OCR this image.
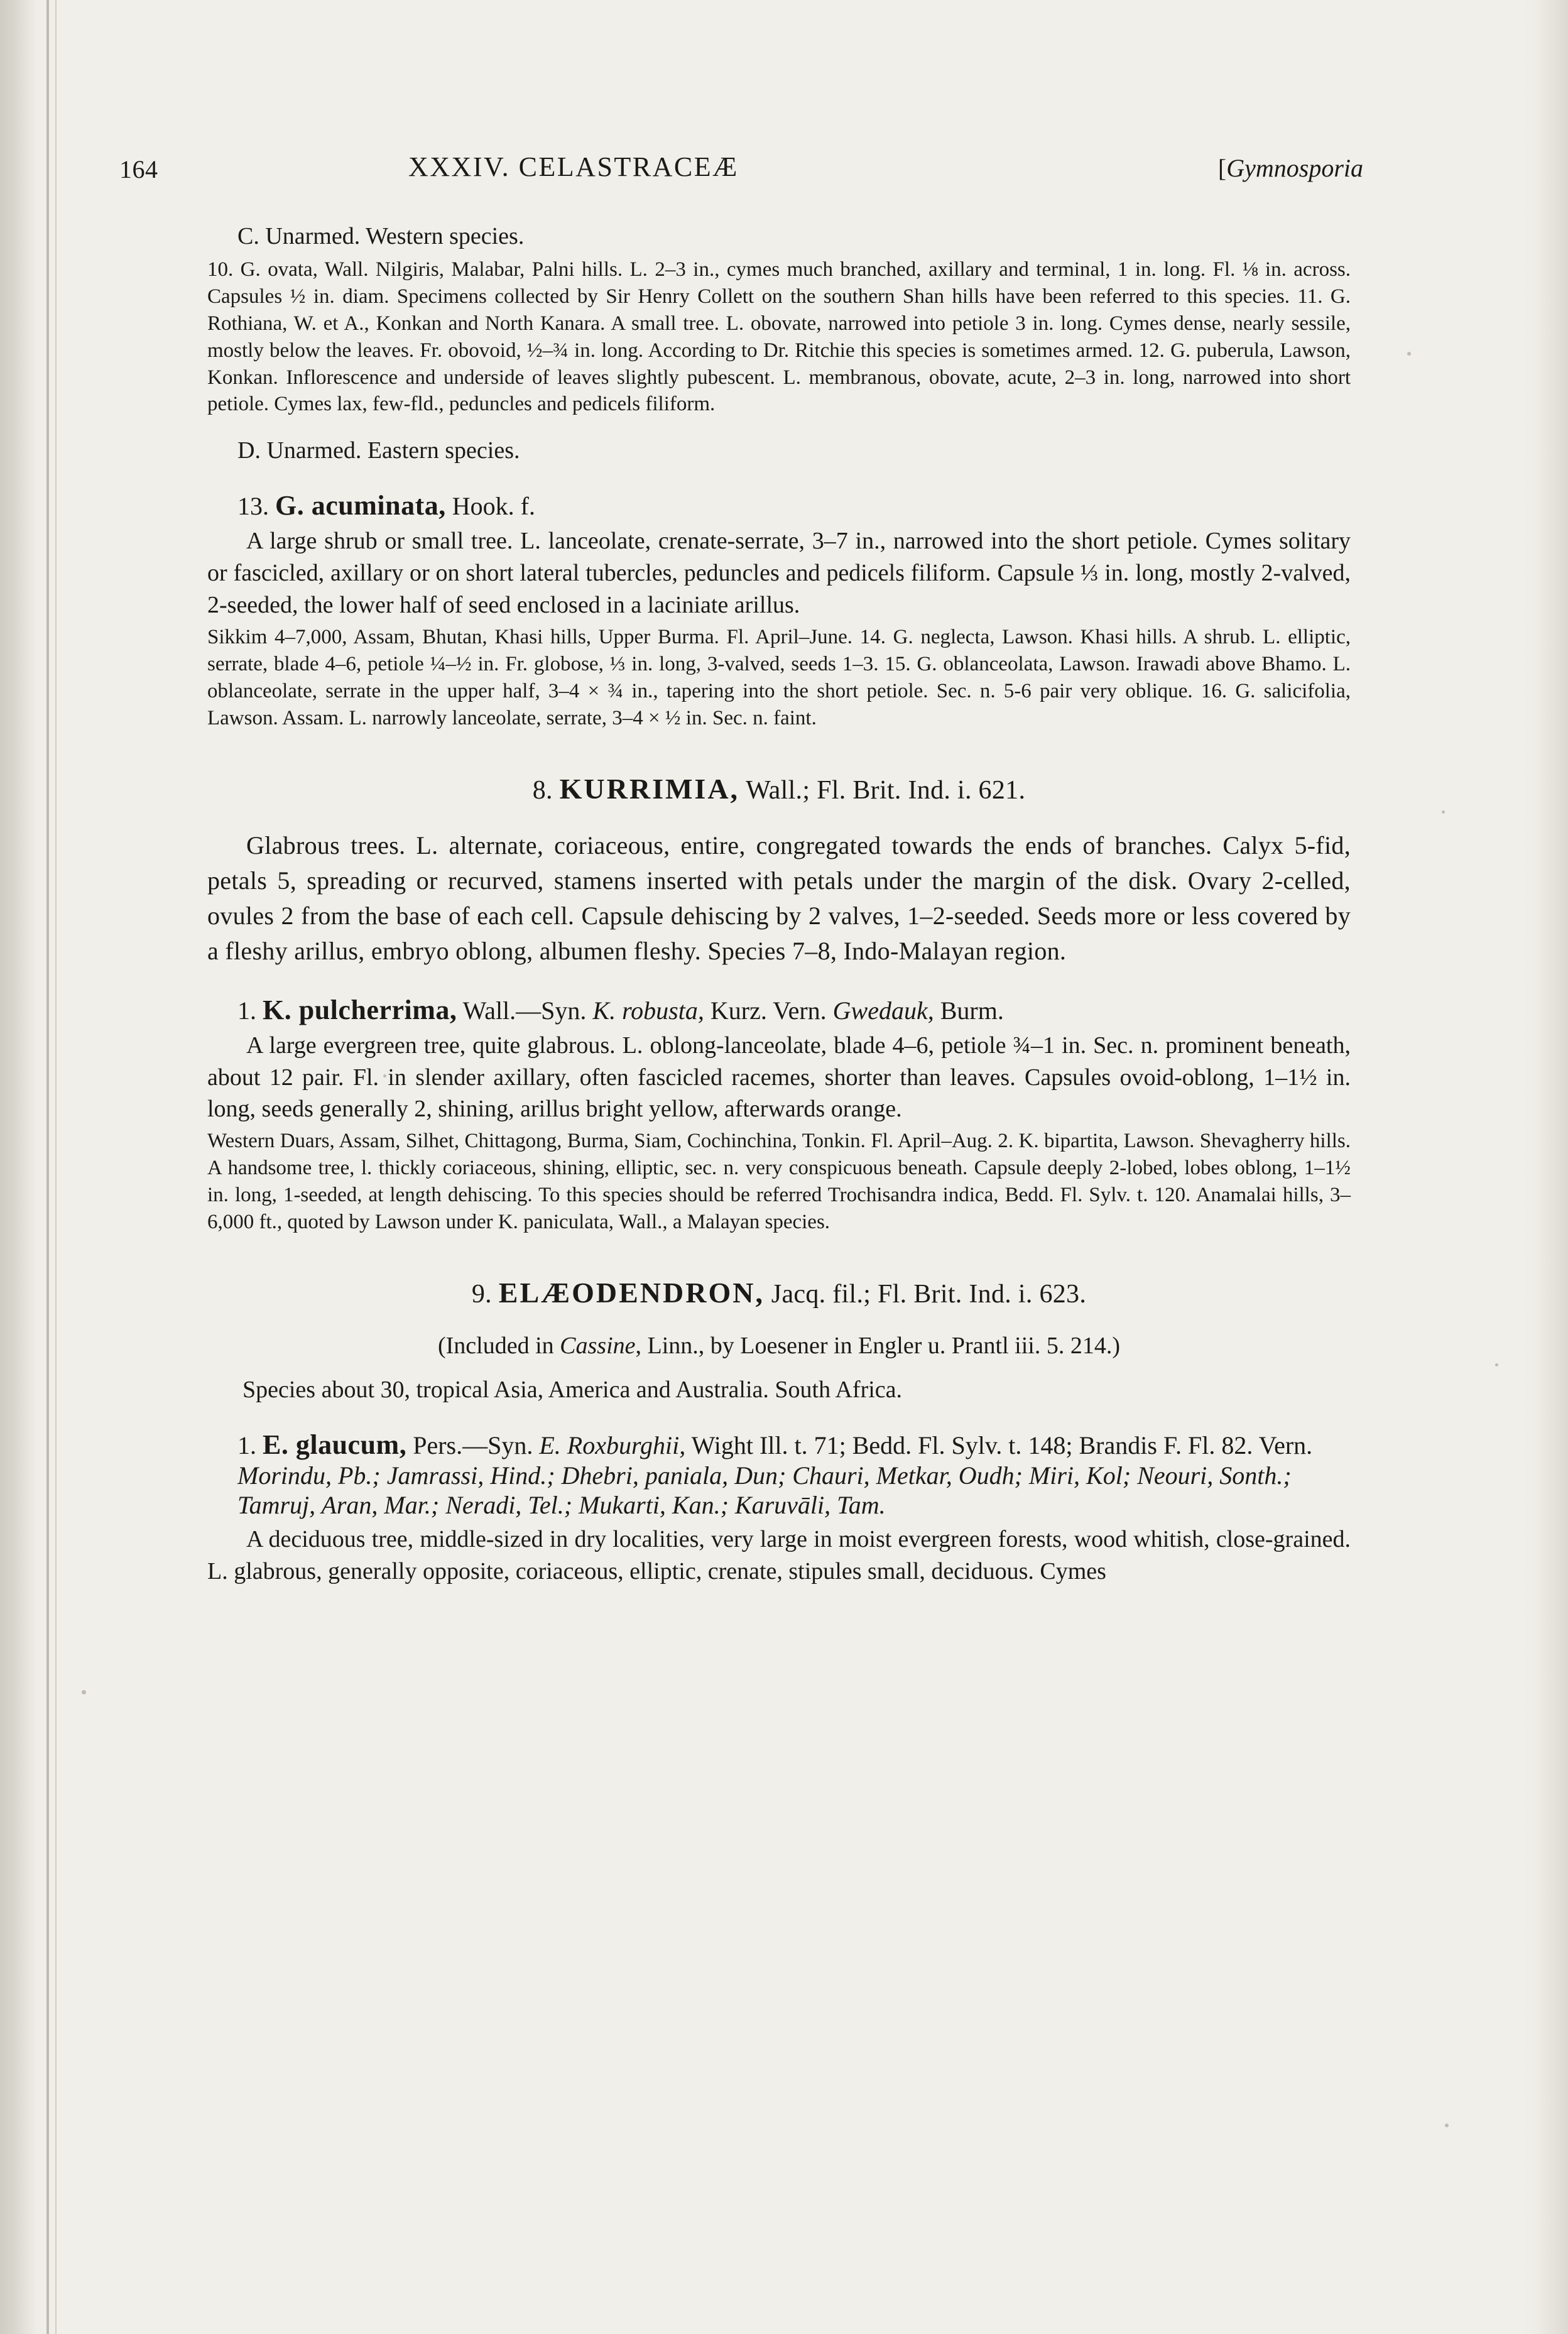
164	XXXIV. CELASTRACEÆ	[Gymnosporia
C. Unarmed. Western species.

10. G. ovata, Wall. Nilgiris, Malabar, Palni hills. L. 2–3 in., cymes much branched, axillary and terminal, 1 in. long. Fl. ⅛ in. across. Capsules ½ in. diam. Specimens collected by Sir Henry Collett on the southern Shan hills have been referred to this species. 11. G. Rothiana, W. et A., Konkan and North Kanara. A small tree. L. obovate, narrowed into petiole 3 in. long. Cymes dense, nearly sessile, mostly below the leaves. Fr. obovoid, ½–¾ in. long. According to Dr. Ritchie this species is sometimes armed. 12. G. puberula, Lawson, Konkan. Inflorescence and underside of leaves slightly pubescent. L. membranous, obovate, acute, 2–3 in. long, narrowed into short petiole. Cymes lax, few-fld., peduncles and pedicels filiform.

D. Unarmed. Eastern species.
13. G. acuminata, Hook. f.

A large shrub or small tree. L. lanceolate, crenate-serrate, 3–7 in., narrowed into the short petiole. Cymes solitary or fascicled, axillary or on short lateral tubercles, peduncles and pedicels filiform. Capsule ⅓ in. long, mostly 2-valved, 2-seeded, the lower half of seed enclosed in a laciniate arillus.

Sikkim 4–7,000, Assam, Bhutan, Khasi hills, Upper Burma. Fl. April–June. 14. G. neglecta, Lawson. Khasi hills. A shrub. L. elliptic, serrate, blade 4–6, petiole ¼–½ in. Fr. globose, ⅓ in. long, 3-valved, seeds 1–3. 15. G. oblanceolata, Lawson. Irawadi above Bhamo. L. oblanceolate, serrate in the upper half, 3–4 × ¾ in., tapering into the short petiole. Sec. n. 5-6 pair very oblique. 16. G. salicifolia, Lawson. Assam. L. narrowly lanceolate, serrate, 3–4 × ½ in. Sec. n. faint.

8. KURRIMIA, Wall.; Fl. Brit. Ind. i. 621.

Glabrous trees. L. alternate, coriaceous, entire, congregated towards the ends of branches. Calyx 5-fid, petals 5, spreading or recurved, stamens inserted with petals under the margin of the disk. Ovary 2-celled, ovules 2 from the base of each cell. Capsule dehiscing by 2 valves, 1–2-seeded. Seeds more or less covered by a fleshy arillus, embryo oblong, albumen fleshy. Species 7–8, Indo-Malayan region.

1. K. pulcherrima, Wall.—Syn. K. robusta, Kurz. Vern. Gwedauk, Burm.

A large evergreen tree, quite glabrous. L. oblong-lanceolate, blade 4–6, petiole ¾–1 in. Sec. n. prominent beneath, about 12 pair. Fl. in slender axillary, often fascicled racemes, shorter than leaves. Capsules ovoid-oblong, 1–1½ in. long, seeds generally 2, shining, arillus bright yellow, afterwards orange.

Western Duars, Assam, Silhet, Chittagong, Burma, Siam, Cochinchina, Tonkin. Fl. April–Aug. 2. K. bipartita, Lawson. Shevagherry hills. A handsome tree, l. thickly coriaceous, shining, elliptic, sec. n. very conspicuous beneath. Capsule deeply 2-lobed, lobes oblong, 1–1½ in. long, 1-seeded, at length dehiscing. To this species should be referred Trochisandra indica, Bedd. Fl. Sylv. t. 120. Anamalai hills, 3–6,000 ft., quoted by Lawson under K. paniculata, Wall., a Malayan species.

9. ELÆODENDRON, Jacq. fil.; Fl. Brit. Ind. i. 623.
(Included in Cassine, Linn., by Loesener in Engler u. Prantl iii. 5. 214.)
Species about 30, tropical Asia, America and Australia. South Africa.
1. E. glaucum, Pers.—Syn. E. Roxburghii, Wight Ill. t. 71; Bedd. Fl. Sylv. t. 148; Brandis F. Fl. 82. Vern. Morindu, Pb.; Jamrassi, Hind.; Dhebri, paniala, Dun; Chauri, Metkar, Oudh; Miri, Kol; Neouri, Sonth.; Tamruj, Aran, Mar.; Neradi, Tel.; Mukarti, Kan.; Karuvāli, Tam.

A deciduous tree, middle-sized in dry localities, very large in moist evergreen forests, wood whitish, close-grained. L. glabrous, generally opposite, coriaceous, elliptic, crenate, stipules small, deciduous. Cymes
